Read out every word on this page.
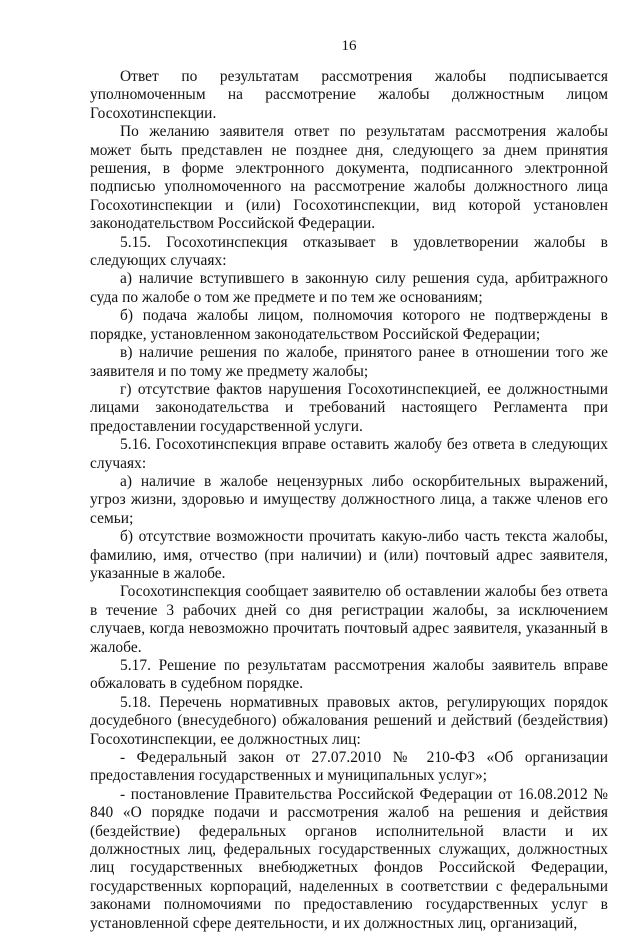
16

Ответ по результатам рассмотрения жалобы подписывается уполномоченным на рассмотрение жалобы должностным лицом Госохотинспекции.

По желанию заявителя ответ по результатам рассмотрения жалобы может быть представлен не позднее дня, следующего за днем принятия решения, в форме электронного документа, подписанного электронной подписью уполномоченного на рассмотрение жалобы должностного лица Госохотинспекции и (или) Госохотинспекции, вид которой установлен законодательством Российской Федерации.

5.15. Госохотинспекция отказывает в удовлетворении жалобы в следующих случаях:

а) наличие вступившего в законную силу решения суда, арбитражного суда по жалобе о том же предмете и по тем же основаниям;

б) подача жалобы лицом, полномочия которого не подтверждены в порядке, установленном законодательством Российской Федерации;

в) наличие решения по жалобе, принятого ранее в отношении того же заявителя и по тому же предмету жалобы;

г) отсутствие фактов нарушения Госохотинспекцией, ее должностными лицами законодательства и требований настоящего Регламента при предоставлении государственной услуги.

5.16. Госохотинспекция вправе оставить жалобу без ответа в следующих случаях:

а) наличие в жалобе нецензурных либо оскорбительных выражений, угроз жизни, здоровью и имуществу должностного лица, а также членов его семьи;

б) отсутствие возможности прочитать какую-либо часть текста жалобы, фамилию, имя, отчество (при наличии) и (или) почтовый адрес заявителя, указанные в жалобе.

Госохотинспекция сообщает заявителю об оставлении жалобы без ответа в течение 3 рабочих дней со дня регистрации жалобы, за исключением случаев, когда невозможно прочитать почтовый адрес заявителя, указанный в жалобе.

5.17. Решение по результатам рассмотрения жалобы заявитель вправе обжаловать в судебном порядке.

5.18. Перечень нормативных правовых актов, регулирующих порядок досудебного (внесудебного) обжалования решений и действий (бездействия) Госохотинспекции, ее должностных лиц:

- Федеральный закон от 27.07.2010 № 210-ФЗ «Об организации предоставления государственных и муниципальных услуг»;

- постановление Правительства Российской Федерации от 16.08.2012 № 840 «О порядке подачи и рассмотрения жалоб на решения и действия (бездействие) федеральных органов исполнительной власти и их должностных лиц, федеральных государственных служащих, должностных лиц государственных внебюджетных фондов Российской Федерации, государственных корпораций, наделенных в соответствии с федеральными законами полномочиями по предоставлению государственных услуг в установленной сфере деятельности, и их должностных лиц, организаций,
